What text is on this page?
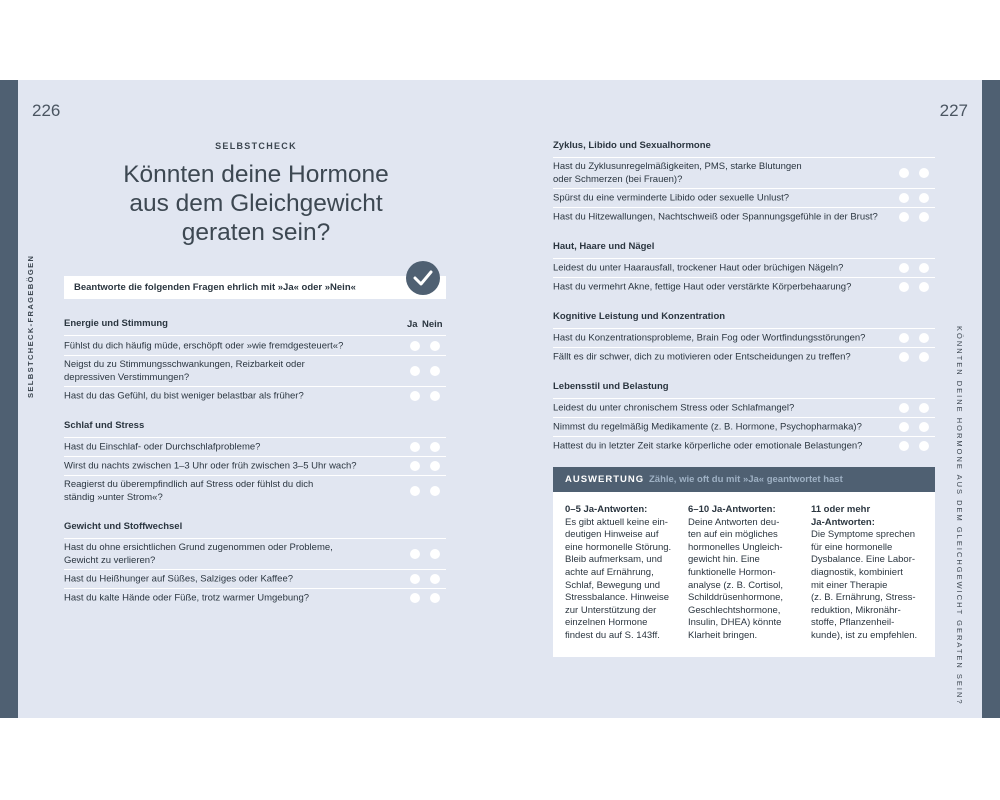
226	227
SELBSTCHECK-FRAGEBÖGEN	KÖNNTEN DEINE HORMONE AUS DEM GLEICHGEWICHT GERATEN SEIN?
SELBSTCHECK
Könnten deine Hormone
aus dem Gleichgewicht
geraten sein?
Beantworte die folgenden Fragen ehrlich mit »Ja« oder »Nein«
Ja Nein
Energie und Stimmung
Fühlst du dich häufig müde, erschöpft oder »wie fremdgesteuert«?
Neigst du zu Stimmungsschwankungen, Reizbarkeit oder
depressiven Verstimmungen?
Hast du das Gefühl, du bist weniger belastbar als früher?
Schlaf und Stress
Hast du Einschlaf- oder Durchschlafprobleme?
Wirst du nachts zwischen 1–3 Uhr oder früh zwischen 3–5 Uhr wach?
Reagierst du überempfindlich auf Stress oder fühlst du dich
ständig »unter Strom«?
Gewicht und Stoffwechsel
Hast du ohne ersichtlichen Grund zugenommen oder Probleme,
Gewicht zu verlieren?
Hast du Heißhunger auf Süßes, Salziges oder Kaffee?
Hast du kalte Hände oder Füße, trotz warmer Umgebung?
Zyklus, Libido und Sexualhormone
Hast du Zyklusunregelmäßigkeiten, PMS, starke Blutungen
oder Schmerzen (bei Frauen)?
Spürst du eine verminderte Libido oder sexuelle Unlust?
Hast du Hitzewallungen, Nachtschweiß oder Spannungsgefühle in der Brust?
Haut, Haare und Nägel
Leidest du unter Haarausfall, trockener Haut oder brüchigen Nägeln?
Hast du vermehrt Akne, fettige Haut oder verstärkte Körperbehaarung?
Kognitive Leistung und Konzentration
Hast du Konzentrationsprobleme, Brain Fog oder Wortfindungsstörungen?
Fällt es dir schwer, dich zu motivieren oder Entscheidungen zu treffen?
Lebensstil und Belastung
Leidest du unter chronischem Stress oder Schlafmangel?
Nimmst du regelmäßig Medikamente (z. B. Hormone, Psychopharmaka)?
Hattest du in letzter Zeit starke körperliche oder emotionale Belastungen?
AUSWERTUNG Zähle, wie oft du mit »Ja« geantwortet hast
0–5 Ja-Antworten:
Es gibt aktuell keine ein-
deutigen Hinweise auf
eine hormonelle Störung.
Bleib aufmerksam, und
achte auf Ernährung,
Schlaf, Bewegung und
Stressbalance. Hinweise
zur Unterstützung der
einzelnen Hormone
findest du auf S. 143ff.
6–10 Ja-Antworten:
Deine Antworten deu-
ten auf ein mögliches
hormonelles Ungleich-
gewicht hin. Eine
funktionelle Hormon-
analyse (z. B. Cortisol,
Schilddrüsenhormone,
Geschlechtshormone,
Insulin, DHEA) könnte
Klarheit bringen.
11 oder mehr
Ja-Antworten:
Die Symptome sprechen
für eine hormonelle
Dysbalance. Eine Labor-
diagnostik, kombiniert
mit einer Therapie
(z. B. Ernährung, Stress-
reduktion, Mikronähr-
stoffe, Pflanzenheil-
kunde), ist zu empfehlen.
